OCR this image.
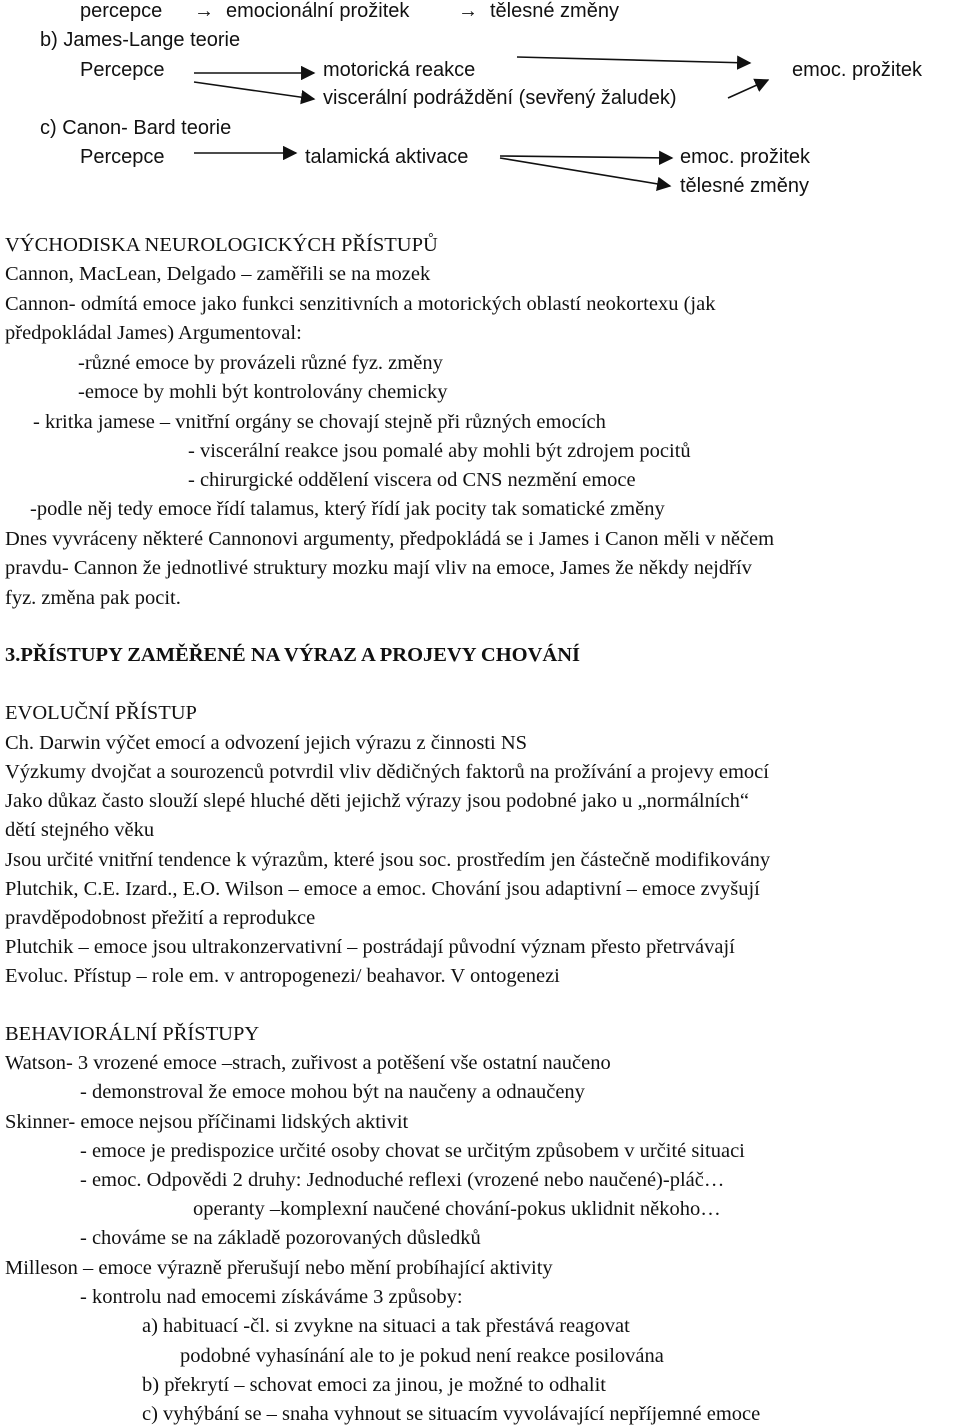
percepce → emocionální prožitek → tělesné změny
b) James-Lange teorie
Percepce	motorická reakce	emoc. prožitek
viscerální podráždění (sevřený žaludek)
c) Canon- Bard teorie
Percepce	talamická aktivace	emoc. prožitek
tělesné změny
VÝCHODISKA NEUROLOGICKÝCH PŘÍSTUPŮ
Cannon, MacLean, Delgado – zaměřili se na mozek
Cannon- odmítá emoce jako funkci senzitivních a motorických oblastí neokortexu (jak
předpokládal James) Argumentoval:
-různé emoce by provázeli různé fyz. změny
-emoce by mohli být kontrolovány chemicky
- kritka jamese – vnitřní orgány se chovají stejně při různých emocích
- viscerální reakce jsou pomalé aby mohli být zdrojem pocitů
- chirurgické oddělení viscera od CNS nezmění emoce
-podle něj tedy emoce řídí talamus, který řídí jak pocity tak somatické změny
Dnes vyvráceny některé Cannonovi argumenty, předpokládá se i James i Canon měli v něčem
pravdu- Cannon že jednotlivé struktury mozku mají vliv na emoce, James že někdy nejdřív
fyz. změna pak pocit.
3.PŘÍSTUPY ZAMĚŘENÉ NA VÝRAZ A PROJEVY CHOVÁNÍ
EVOLUČNÍ PŘÍSTUP
Ch. Darwin výčet emocí a odvození jejich výrazu z činnosti NS
Výzkumy dvojčat a sourozenců potvrdil vliv dědičných faktorů na prožívání a projevy emocí
Jako důkaz často slouží slepé hluché děti jejichž výrazy jsou podobné jako u „normálních“
dětí stejného věku
Jsou určité vnitřní tendence k výrazům, které jsou soc. prostředím jen částečně modifikovány
Plutchik, C.E. Izard., E.O. Wilson – emoce a emoc. Chování jsou adaptivní – emoce zvyšují
pravděpodobnost přežití a reprodukce
Plutchik – emoce jsou ultrakonzervativní – postrádají původní význam přesto přetrvávají
Evoluc. Přístup – role em. v antropogenezi/ beahavor. V ontogenezi
BEHAVIORÁLNÍ PŘÍSTUPY
Watson- 3 vrozené emoce –strach, zuřivost a potěšení vše ostatní naučeno
- demonstroval že emoce mohou být na naučeny a odnaučeny
Skinner- emoce nejsou příčinami lidských aktivit
- emoce je predispozice určité osoby chovat se určitým způsobem v určité situaci
- emoc. Odpovědi 2 druhy: Jednoduché reflexi (vrozené nebo naučené)-pláč…
operanty –komplexní naučené chování-pokus uklidnit někoho…
- chováme se na základě pozorovaných důsledků
Milleson – emoce výrazně přerušují nebo mění probíhající aktivity
- kontrolu nad emocemi získáváme 3 způsoby:
a) habituací -čl. si zvykne na situaci a tak přestává reagovat
podobné vyhasínání ale to je pokud není reakce posilována
b) překrytí – schovat emoci za jinou, je možné to odhalit
c) vyhýbání se – snaha vyhnout se situacím vyvolávající nepříjemné emoce
